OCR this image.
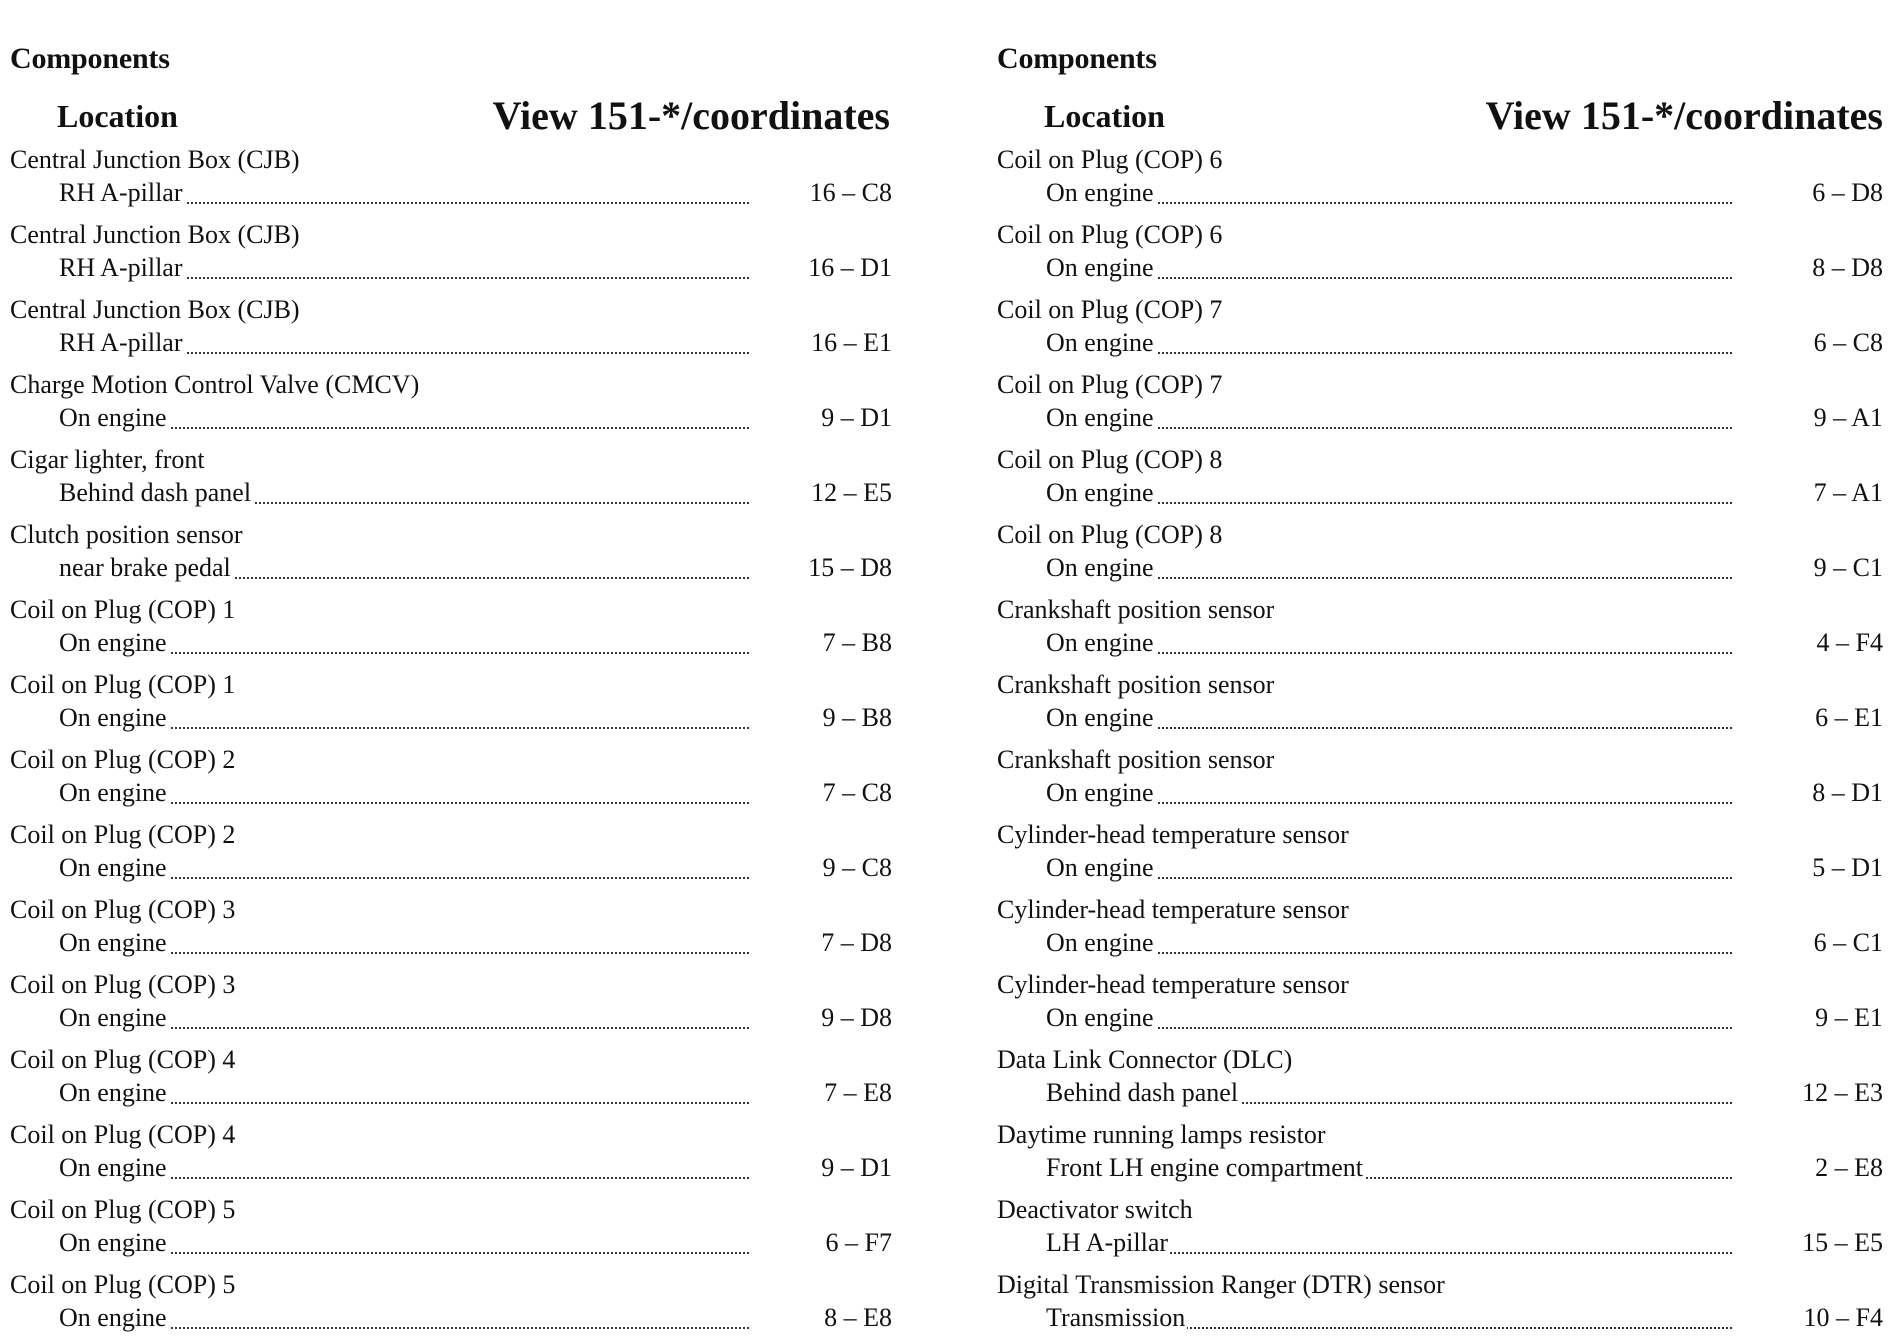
Components
Location	View 151-*/coordinates
Central Junction Box (CJB)
RH A-pillar	16 – C8
Central Junction Box (CJB)
RH A-pillar	16 – D1
Central Junction Box (CJB)
RH A-pillar	16 – E1
Charge Motion Control Valve (CMCV)
On engine	9 – D1
Cigar lighter, front
Behind dash panel	12 – E5
Clutch position sensor
near brake pedal	15 – D8
Coil on Plug (COP) 1
On engine	7 – B8
Coil on Plug (COP) 1
On engine	9 – B8
Coil on Plug (COP) 2
On engine	7 – C8
Coil on Plug (COP) 2
On engine	9 – C8
Coil on Plug (COP) 3
On engine	7 – D8
Coil on Plug (COP) 3
On engine	9 – D8
Coil on Plug (COP) 4
On engine	7 – E8
Coil on Plug (COP) 4
On engine	9 – D1
Coil on Plug (COP) 5
On engine	6 – F7
Coil on Plug (COP) 5
On engine	8 – E8
Components
Location	View 151-*/coordinates
Coil on Plug (COP) 6
On engine	6 – D8
Coil on Plug (COP) 6
On engine	8 – D8
Coil on Plug (COP) 7
On engine	6 – C8
Coil on Plug (COP) 7
On engine	9 – A1
Coil on Plug (COP) 8
On engine	7 – A1
Coil on Plug (COP) 8
On engine	9 – C1
Crankshaft position sensor
On engine	4 – F4
Crankshaft position sensor
On engine	6 – E1
Crankshaft position sensor
On engine	8 – D1
Cylinder-head temperature sensor
On engine	5 – D1
Cylinder-head temperature sensor
On engine	6 – C1
Cylinder-head temperature sensor
On engine	9 – E1
Data Link Connector (DLC)
Behind dash panel	12 – E3
Daytime running lamps resistor
Front LH engine compartment	2 – E8
Deactivator switch
LH A-pillar	15 – E5
Digital Transmission Ranger (DTR) sensor
Transmission	10 – F4
